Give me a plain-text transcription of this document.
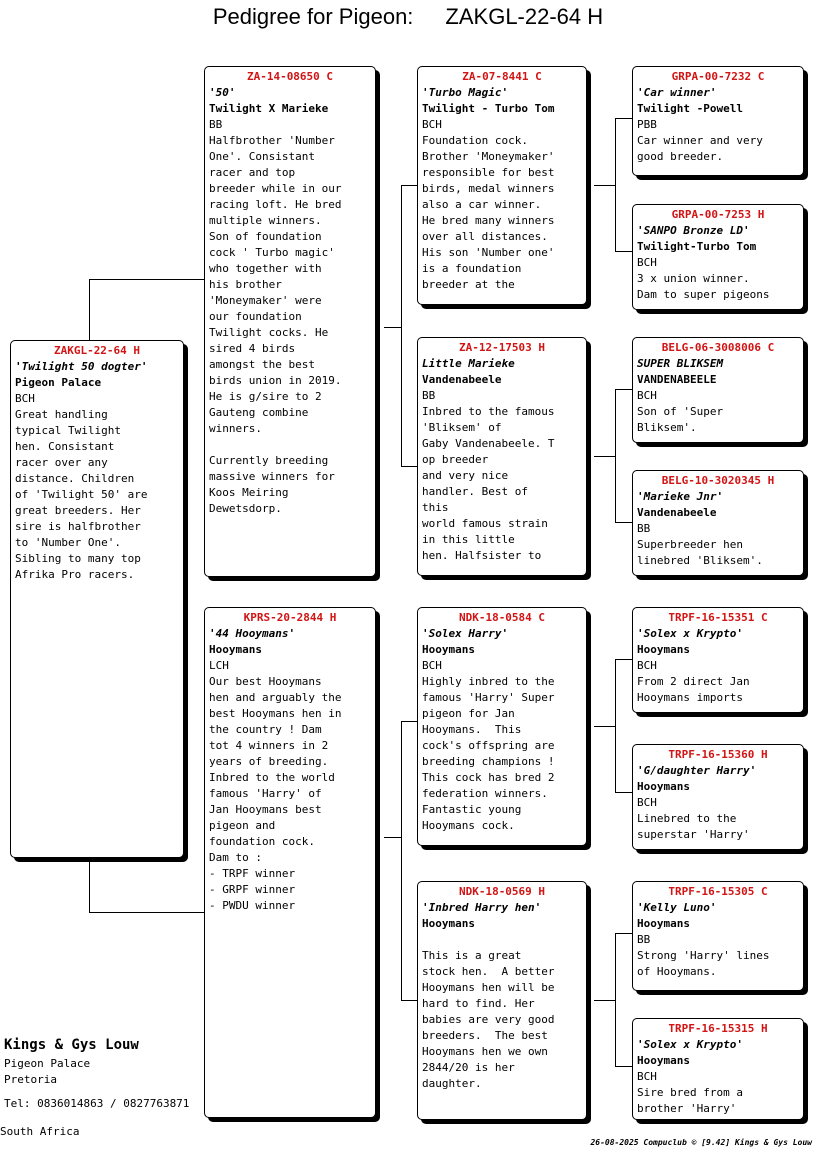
Pedigree for Pigeon: ZAKGL-22-64 H
ZAKGL-22-64 H
'Twilight 50 dogter'
Pigeon Palace
BCH
Great handling
typical Twilight
hen. Consistant
racer over any
distance. Children
of 'Twilight 50' are
great breeders. Her
sire is halfbrother
to 'Number One'.
Sibling to many top
Afrika Pro racers.
ZA-14-08650 C
'50'
Twilight X Marieke
BB
Halfbrother 'Number
One'. Consistant
racer and top
breeder while in our
racing loft. He bred
multiple winners.
Son of foundation
cock ' Turbo magic'
who together with
his brother
'Moneymaker' were
our foundation
Twilight cocks. He
sired 4 birds
amongst the best
birds union in 2019.
He is g/sire to 2
Gauteng combine
winners.

Currently breeding
massive winners for
Koos Meiring
Dewetsdorp.
KPRS-20-2844 H
'44 Hooymans'
Hooymans
LCH
Our best Hooymans
hen and arguably the
best Hooymans hen in
the country ! Dam
tot 4 winners in 2
years of breeding.
Inbred to the world
famous 'Harry' of
Jan Hooymans best
pigeon and
foundation cock.
Dam to :
- TRPF winner
- GRPF winner
- PWDU winner
ZA-07-8441 C
'Turbo Magic'
Twilight - Turbo Tom
BCH
Foundation cock.
Brother 'Moneymaker'
responsible for best
birds, medal winners
also a car winner.
He bred many winners
over all distances.
His son 'Number one'
is a foundation
breeder at the
ZA-12-17503 H
Little Marieke
Vandenabeele
BB
Inbred to the famous
'Bliksem' of
Gaby Vandenabeele. T
op breeder
and very nice
handler. Best of
this
world famous strain
in this little
hen. Halfsister to
NDK-18-0584 C
'Solex Harry'
Hooymans
BCH
Highly inbred to the
famous 'Harry' Super
pigeon for Jan
Hooymans.  This
cock's offspring are
breeding champions !
This cock has bred 2
federation winners.
Fantastic young
Hooymans cock.
NDK-18-0569 H
'Inbred Harry hen'
Hooymans
This is a great
stock hen.  A better
Hooymans hen will be
hard to find. Her
babies are very good
breeders.  The best
Hooymans hen we own
2844/20 is her
daughter.
GRPA-00-7232 C
'Car winner'
Twilight -Powell
PBB
Car winner and very
good breeder.
GRPA-00-7253 H
'SANPO Bronze LD'
Twilight-Turbo Tom
BCH
3 x union winner.
Dam to super pigeons
BELG-06-3008006 C
SUPER BLIKSEM
VANDENABEELE
BCH
Son of 'Super
Bliksem'.
BELG-10-3020345 H
'Marieke Jnr'
Vandenabeele
BB
Superbreeder hen
linebred 'Bliksem'.
TRPF-16-15351 C
'Solex x Krypto'
Hooymans
BCH
From 2 direct Jan
Hooymans imports
TRPF-16-15360 H
'G/daughter Harry'
Hooymans
BCH
Linebred to the
superstar 'Harry'
TRPF-16-15305 C
'Kelly Luno'
Hooymans
BB
Strong 'Harry' lines
of Hooymans.
TRPF-16-15315 H
'Solex x Krypto'
Hooymans
BCH
Sire bred from a
brother 'Harry'
Kings & Gys Louw
Pigeon Palace
Pretoria
Tel: 0836014863 / 0827763871
South Africa
26-08-2025 Compuclub © [9.42] Kings & Gys Louw
